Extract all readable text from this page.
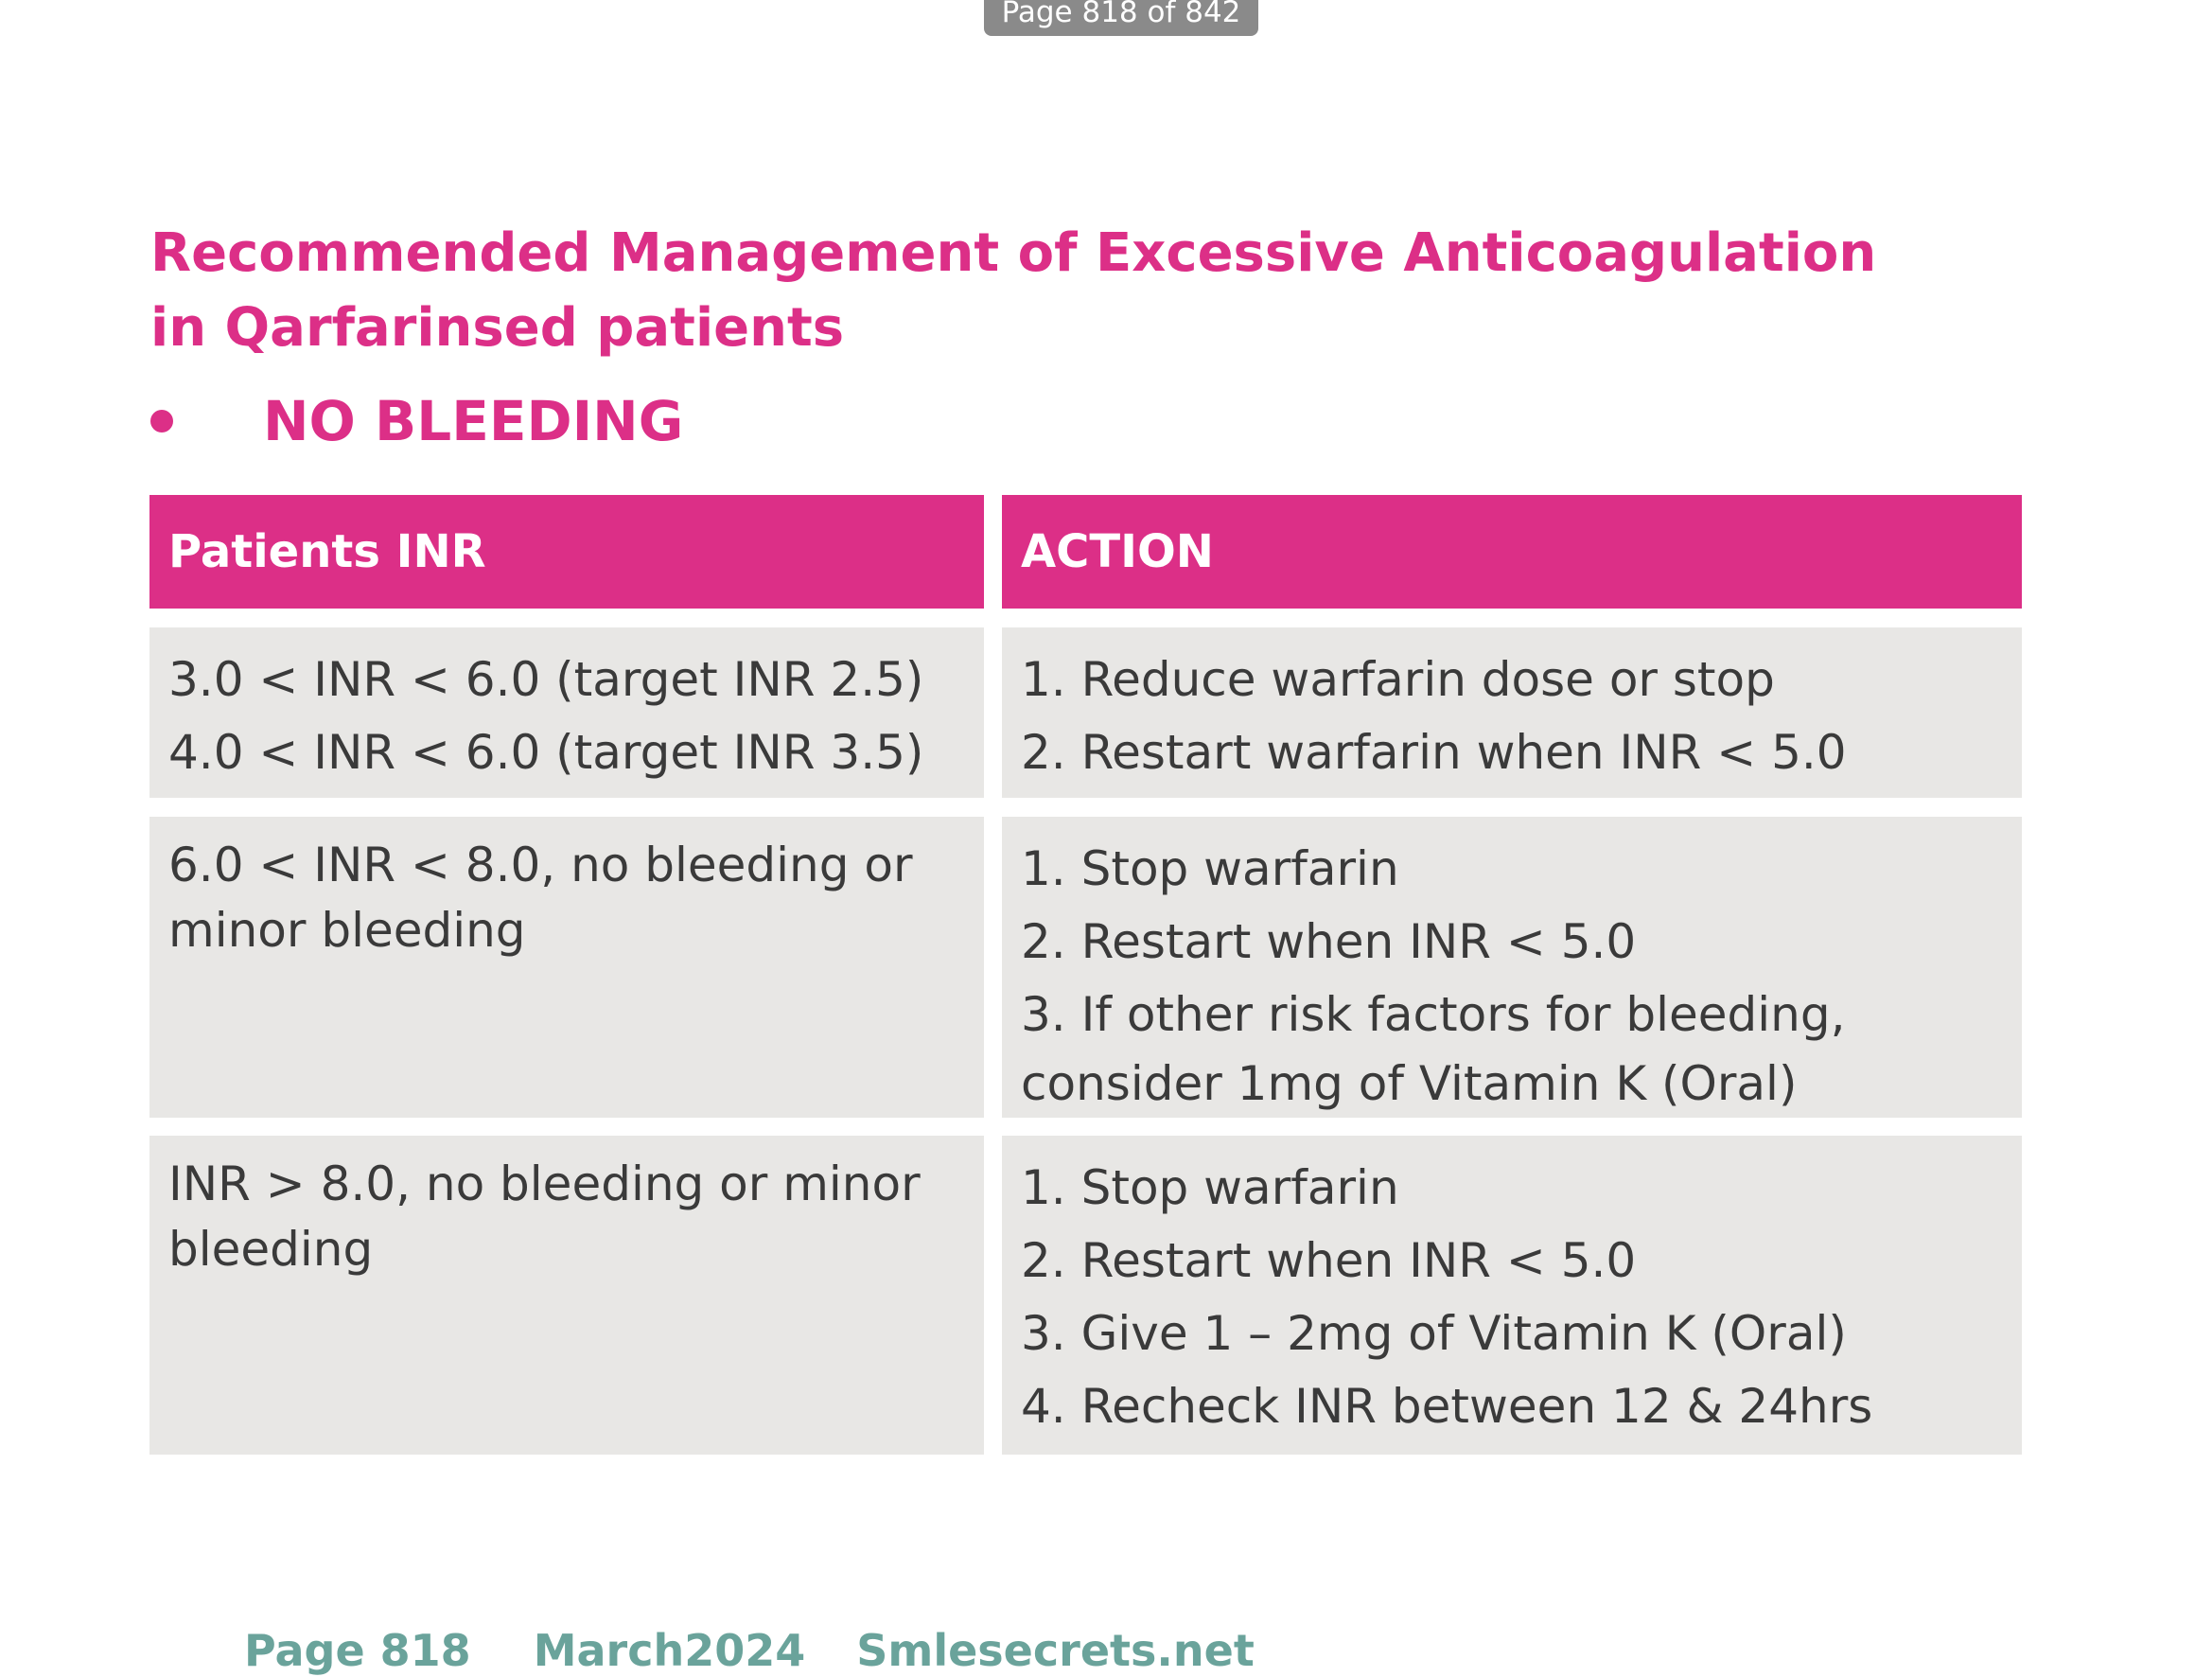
Page 818 of 842
Recommended Management of Excessive Anticoagulation in Qarfarinsed patients
NO BLEEDING
Patients INR	ACTION
3.0 < INR < 6.0 (target INR 2.5)
4.0 < INR < 6.0 (target INR 3.5)
1. Reduce warfarin dose or stop
2. Restart warfarin when INR < 5.0
6.0 < INR < 8.0, no bleeding or minor bleeding
1. Stop warfarin
2. Restart when INR < 5.0
3. If other risk factors for bleeding,
consider 1mg of Vitamin K (Oral)
INR > 8.0, no bleeding or minor bleeding
1. Stop warfarin
2. Restart when INR < 5.0
3. Give 1 – 2mg of Vitamin K (Oral)
4. Recheck INR between 12 & 24hrs
Page 818 March2024 Smlesecrets.net
